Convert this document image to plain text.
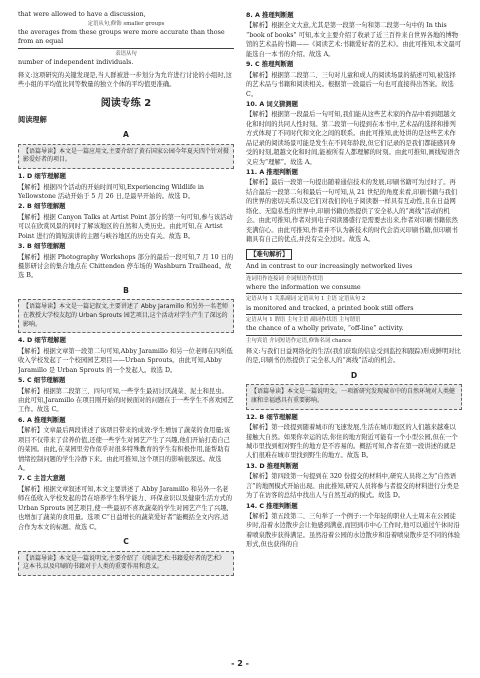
that were allowed to have a discussion,
定语从句,修饰 smaller groups
the averages from these groups were more accurate than those from an equal
表语从句
number of independent individuals.
释义:这项研究的关键发现是,当人群被进一步划分为允许进行讨论的小组时,这些小组的平均值比同等数量的独立个体的平均值更准确。
阅读专练 2
阅读理解
A
【语篇导读】本文是一篇应用文,主要介绍了黄石国家公园今年夏天四个针对摄影爱好者的项目。
1. D 细节理解题
【解析】根据四个活动的开始时间可知,Experiencing Wildlife in Yellowstone 活动开始于 5 月 26 日,是最早开始的。故选 D。
2. B 细节理解题
【解析】根据 Canyon Talks at Artist Point 部分的第一句可知,参与该活动可以在欣赏风景的同时了解该地区的自然和人类历史。由此可知,在 Artist Point 进行的简短演讲的主题与峡谷地区的历史有关。故选 B。
3. B 细节理解题
【解析】根据 Photography Workshops 部分的最后一段可知,7 月 10 日的摄影研讨会的集合地点在 Chittenden 停车场的 Washburn Trailhead。故选 B。
B
【语篇导读】本文是一篇记叙文,主要讲述了 Abby Jaramillo 和另外一名老师在教授大学校友起的 Urban Sprouts 园艺项目,这个活动对学生产生了深远的影响。
4. D 细节理解题
【解析】根据文章第一段第二句可知,Abby Jaramillo 和另一位老师在四所低收入学校发起了一个校园园艺项目——Urban Sprouts。由此可知,Abby Jaramillo 是 Urban Sprouts 的一个发起人。故选 D。
5. C 细节理解题
【解析】根据第二段第三、四句可知,一些学生最初讨厌蔬菜、泥土和昆虫。由此可知,Jaramillo 在项目刚开始的时候面对的问题在于一些学生不喜欢园艺工作。故选 C。
6. A 推理判断题
【解析】文章最后两段讲述了该项目带来的成效:学生增加了蔬菜的食用量;该项目不仅带来了营养价值,还使一些学生对园艺产生了兴趣,他们开始打造自己的菜园。由此,在菜园里劳作似乎对很多特殊教育的学生有积极作用,能帮助有情绪控制问题的学生冷静下来。由此可推知,这个项目的影响很深远。故选 A。
7. C 主旨大意题
【解析】根据文章叙述可知,本文主要讲述了 Abby Jaramillo 和另外一名老师在低收入学校发起的旨在培养学生科学能力、环保意识以及健康生活方式的 Urban Sprouts 园艺项目,使一些最初不喜欢蔬菜的学生对园艺产生了兴趣,也增加了蔬菜的食用量。选项 C“日益增长的蔬菜爱好者”能概括全文内容,适合作为本文的标题。故选 C。
C
【语篇导读】本文是一篇说明文,主要介绍了《阅读艺术:书籍爱好者的艺术》这本书,以及印刷的书籍对于人类的重要作用和意义。
8. A 推理判断题
【解析】根据全文大意,尤其是第一段第一句和第二段第一句中的 In this “book of books” 可知,本文主要介绍了收录了近三百件来自世界各地的博物馆的艺术品的书籍——《阅读艺术:书籍爱好者的艺术》。由此可推知,本文最可能选自一本书的介绍。故选 A。
9. C 推理判断题
【解析】根据第二段第二、三句对儿童和成人的阅读场景的描述可知,被选择的艺术品与书籍和阅读相关。根据第一段最后一句也可直接得出答案。故选 C。
10. A 词义猜测题
【解析】根据第一段最后一句可知,我们能从这些艺术家的作品中看到超越文化和时间的共同人性时刻。第二段第一句提到在本书中,艺术品的选择和排列方式体现了不同时代和文化之间的联系。由此可推知,此处讲的是这些艺术作品记录的阅读场景可能是发生在不同年龄段,但它们记录的是我们都能感同身受的时刻,超越文化和时间,能被所有人都理解的时刻。由此可推知,画线短语含义应为“理解”。故选 A。
11. A 推理判断题
【解析】最后一段第一句提出随着通信技术的发展,印刷书籍可为过时了。再结合最后一段第二句和最后一句可知,从 21 世纪的角度来看,印刷书籍与我们的世界的密切关系以及它们对我们的电子阅读器一样具有互动性,且在日益网络化、无隐私性的世界中,印刷书籍仍然提供了安全私人的“离线”活动的机会。由此可推知,作者对到电子阅读器盛行是需要去出来,作者对印刷书籍依然充满信心。由此可推知,作者并不认为新技术的时代会消灭印刷书籍,但印刷书籍具有自己的优点,并没有完全过时。故选 A。
【难句解析】
And in contrast to our increasingly networked lives
连词用作连接词 介词短语作状语
where the information we consume
定语从句 1 关系副词 定语从句 1 主语 定语从句 2
is monitored and tracked, a printed book still offers
定语从句 1 谓语 主句主语 副词作状语 主句谓语
the chance of a wholly private, “off-line” activity.
主句宾语 介词短语作定语,修饰名词 chance
释义:与我们日益网络化的生活(我们获取的信息受到监控和跟踪)形成鲜明对比的是,印刷书仍然提供了完全私人的“离线”活动的机会。
D
【语篇导读】本文是一篇说明文。一项新研究发现城市中的自然环境对人类健康和幸福感具有重要影响。
12. B 细节理解题
【解析】第一段提到随着城市的飞速发展,生活在城市地区的人们越来越难以接触大自然。如果你幸运的话,你住的地方附近可能有一个小型公园,但在一个城市里找到相对野生的地方是不容易的。概括可知,作者在第一段讲述的就是人们很难在城市里找到野生的地方。故选 B。
13. D 推理判断题
【解析】第四段第一句提到在 320 份提交的材料中,研究人员将之为“自然语言”的地图模式开始出现。由此推知,研究人员将参与者提交的材料进行分类是为了在访客的总结中找出人与自然互动的模式。故选 D。
14. C 推理判断题
【解析】第五段第二、三句举了一个例子:一个年轻的职业人士周末在公园徒步时,沿着水边散步会让他感到满意,而回到市中心工作时,他可以通过午休时沿着喷泉散步获得满足。虽然沿着公园的水边散步和沿着喷泉散步是不同的体验形式,但也获得的自
- 2 -
